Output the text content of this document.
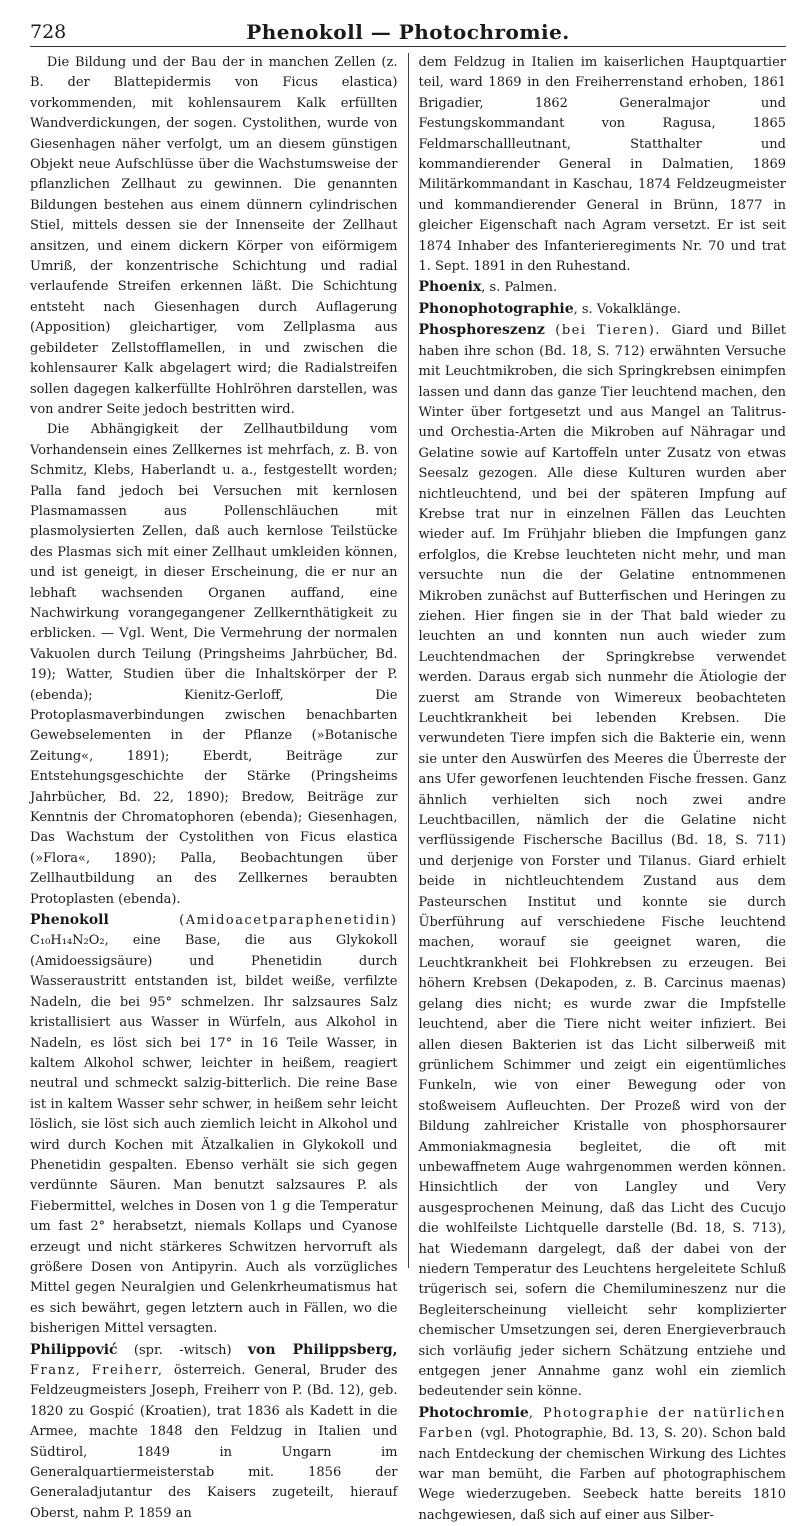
728	Phenokoll — Photochromie.

Die Bildung und der Bau der in manchen Zellen (z. B. der Blattepidermis von Ficus elastica) vorkommenden, mit kohlensaurem Kalk erfüllten Wandverdickungen, der sogen. Cystolithen, wurde von Giesenhagen näher verfolgt, um an diesem günstigen Objekt neue Aufschlüsse über die Wachstumsweise der pflanzlichen Zellhaut zu gewinnen. Die genannten Bildungen bestehen aus einem dünnern cylindrischen Stiel, mittels dessen sie der Innenseite der Zellhaut ansitzen, und einem dickern Körper von eiförmigem Umriß, der konzentrische Schichtung und radial verlaufende Streifen erkennen läßt. Die Schichtung entsteht nach Giesenhagen durch Auflagerung (Apposition) gleichartiger, vom Zellplasma aus gebildeter Zellstofflamellen, in und zwischen die kohlensaurer Kalk abgelagert wird; die Radialstreifen sollen dagegen kalkerfüllte Hohlröhren darstellen, was von andrer Seite jedoch bestritten wird.

Die Abhängigkeit der Zellhautbildung vom Vorhandensein eines Zellkernes ist mehrfach, z. B. von Schmitz, Klebs, Haberlandt u. a., festgestellt worden; Palla fand jedoch bei Versuchen mit kernlosen Plasmamassen aus Pollenschläuchen mit plasmolysierten Zellen, daß auch kernlose Teilstücke des Plasmas sich mit einer Zellhaut umkleiden können, und ist geneigt, in dieser Erscheinung, die er nur an lebhaft wachsenden Organen auffand, eine Nachwirkung vorangegangener Zellkernthätigkeit zu erblicken. — Vgl. Went, Die Vermehrung der normalen Vakuolen durch Teilung (Pringsheims Jahrbücher, Bd. 19); Watter, Studien über die Inhaltskörper der P. (ebenda); Kienitz-Gerloff, Die Protoplasmaverbindungen zwischen benachbarten Gewebselementen in der Pflanze (»Botanische Zeitung«, 1891); Eberdt, Beiträge zur Entstehungsgeschichte der Stärke (Pringsheims Jahrbücher, Bd. 22, 1890); Bredow, Beiträge zur Kenntnis der Chromatophoren (ebenda); Giesenhagen, Das Wachstum der Cystolithen von Ficus elastica (»Flora«, 1890); Palla, Beobachtungen über Zellhautbildung an des Zellkernes beraubten Protoplasten (ebenda).

Phenokoll (Amidoacetparaphenetidin) C₁₀H₁₄N₂O₂, eine Base, die aus Glykokoll (Amidoessigsäure) und Phenetidin durch Wasseraustritt entstanden ist, bildet weiße, verfilzte Nadeln, die bei 95° schmelzen. Ihr salzsaures Salz kristallisiert aus Wasser in Würfeln, aus Alkohol in Nadeln, es löst sich bei 17° in 16 Teile Wasser, in kaltem Alkohol schwer, leichter in heißem, reagiert neutral und schmeckt salzig-bitterlich. Die reine Base ist in kaltem Wasser sehr schwer, in heißem sehr leicht löslich, sie löst sich auch ziemlich leicht in Alkohol und wird durch Kochen mit Ätzalkalien in Glykokoll und Phenetidin gespalten. Ebenso verhält sie sich gegen verdünnte Säuren. Man benutzt salzsaures P. als Fiebermittel, welches in Dosen von 1 g die Temperatur um fast 2° herabsetzt, niemals Kollaps und Cyanose erzeugt und nicht stärkeres Schwitzen hervorruft als größere Dosen von Antipyrin. Auch als vorzügliches Mittel gegen Neuralgien und Gelenkrheumatismus hat es sich bewährt, gegen letztern auch in Fällen, wo die bisherigen Mittel versagten.

Philippović (spr. -witsch) von Philippsberg, Franz, Freiherr, österreich. General, Bruder des Feldzeugmeisters Joseph, Freiherr von P. (Bd. 12), geb. 1820 zu Gospić (Kroatien), trat 1836 als Kadett in die Armee, machte 1848 den Feldzug in Italien und Südtirol, 1849 in Ungarn im Generalquartiermeisterstab mit. 1856 der Generaladjutantur des Kaisers zugeteilt, hierauf Oberst, nahm P. 1859 an

dem Feldzug in Italien im kaiserlichen Hauptquartier teil, ward 1869 in den Freiherrenstand erhoben, 1861 Brigadier, 1862 Generalmajor und Festungskommandant von Ragusa, 1865 Feldmarschallleutnant, Statthalter und kommandierender General in Dalmatien, 1869 Militärkommandant in Kaschau, 1874 Feldzeugmeister und kommandierender General in Brünn, 1877 in gleicher Eigenschaft nach Agram versetzt. Er ist seit 1874 Inhaber des Infanterieregiments Nr. 70 und trat 1. Sept. 1891 in den Ruhestand.

Phoenix, s. Palmen.

Phonophotographie, s. Vokalklänge.

Phosphoreszenz (bei Tieren). Giard und Billet haben ihre schon (Bd. 18, S. 712) erwähnten Versuche mit Leuchtmikroben, die sich Springkrebsen einimpfen lassen und dann das ganze Tier leuchtend machen, den Winter über fortgesetzt und aus Mangel an Talitrus- und Orchestia-Arten die Mikroben auf Nähragar und Gelatine sowie auf Kartoffeln unter Zusatz von etwas Seesalz gezogen. Alle diese Kulturen wurden aber nichtleuchtend, und bei der späteren Impfung auf Krebse trat nur in einzelnen Fällen das Leuchten wieder auf. Im Frühjahr blieben die Impfungen ganz erfolglos, die Krebse leuchteten nicht mehr, und man versuchte nun die der Gelatine entnommenen Mikroben zunächst auf Butterfischen und Heringen zu ziehen. Hier fingen sie in der That bald wieder zu leuchten an und konnten nun auch wieder zum Leuchtendmachen der Springkrebse verwendet werden. Daraus ergab sich nunmehr die Ätiologie der zuerst am Strande von Wimereux beobachteten Leuchtkrankheit bei lebenden Krebsen. Die verwundeten Tiere impfen sich die Bakterie ein, wenn sie unter den Auswürfen des Meeres die Überreste der ans Ufer geworfenen leuchtenden Fische fressen. Ganz ähnlich verhielten sich noch zwei andre Leuchtbacillen, nämlich der die Gelatine nicht verflüssigende Fischersche Bacillus (Bd. 18, S. 711) und derjenige von Forster und Tilanus. Giard erhielt beide in nichtleuchtendem Zustand aus dem Pasteurschen Institut und konnte sie durch Überführung auf verschiedene Fische leuchtend machen, worauf sie geeignet waren, die Leuchtkrankheit bei Flohkrebsen zu erzeugen. Bei höhern Krebsen (Dekapoden, z. B. Carcinus maenas) gelang dies nicht; es wurde zwar die Impfstelle leuchtend, aber die Tiere nicht weiter infiziert. Bei allen diesen Bakterien ist das Licht silberweiß mit grünlichem Schimmer und zeigt ein eigentümliches Funkeln, wie von einer Bewegung oder von stoßweisem Aufleuchten. Der Prozeß wird von der Bildung zahlreicher Kristalle von phosphorsaurer Ammoniakmagnesia begleitet, die oft mit unbewaffnetem Auge wahrgenommen werden können. Hinsichtlich der von Langley und Very ausgesprochenen Meinung, daß das Licht des Cucujo die wohlfeilste Lichtquelle darstelle (Bd. 18, S. 713), hat Wiedemann dargelegt, daß der dabei von der niedern Temperatur des Leuchtens hergeleitete Schluß trügerisch sei, sofern die Chemilumineszenz nur die Begleiterscheinung vielleicht sehr komplizierter chemischer Umsetzungen sei, deren Energieverbrauch sich vorläufig jeder sichern Schätzung entziehe und entgegen jener Annahme ganz wohl ein ziemlich bedeutender sein könne.

Photochromie, Photographie der natürlichen Farben (vgl. Photographie, Bd. 13, S. 20). Schon bald nach Entdeckung der chemischen Wirkung des Lichtes war man bemüht, die Farben auf photographischem Wege wiederzugeben. Seebeck hatte bereits 1810 nachgewiesen, daß sich auf einer aus Silber-
